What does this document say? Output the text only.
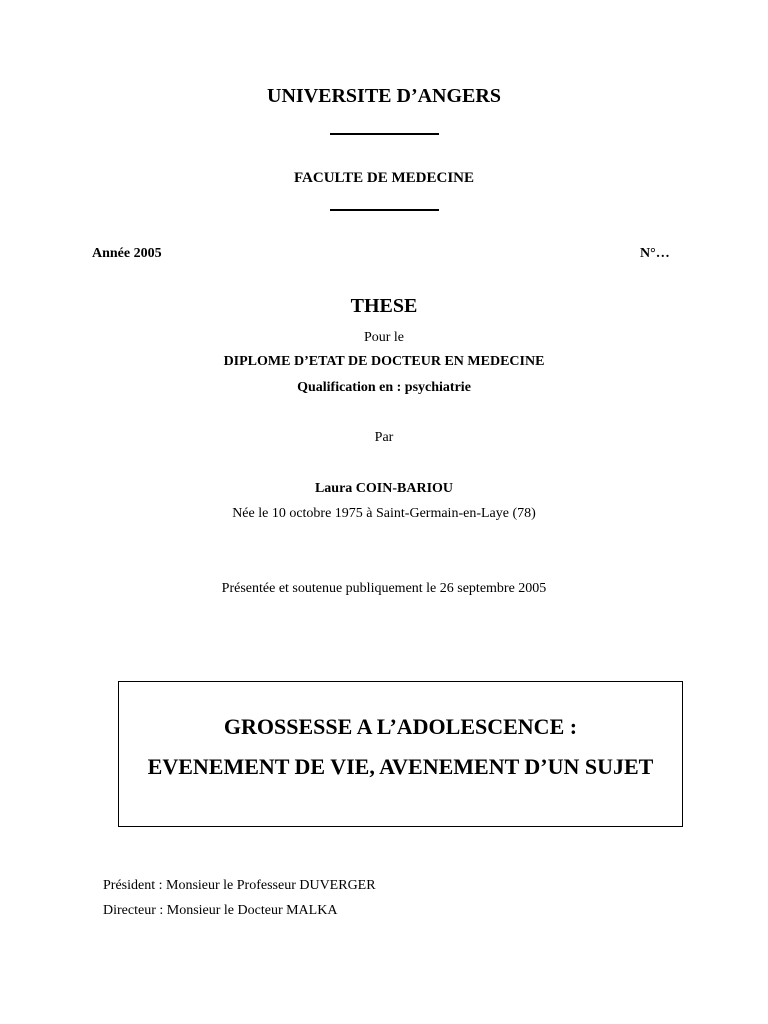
UNIVERSITE D’ANGERS
FACULTE DE MEDECINE
Année 2005	N°…
THESE
Pour le
DIPLOME D’ETAT DE DOCTEUR EN MEDECINE
Qualification en : psychiatrie
Par
Laura COIN-BARIOU
Née le 10 octobre 1975 à Saint-Germain-en-Laye (78)
Présentée et soutenue publiquement le 26 septembre 2005
GROSSESSE A L’ADOLESCENCE :
EVENEMENT DE VIE, AVENEMENT D’UN SUJET
Président : Monsieur le Professeur DUVERGER
Directeur : Monsieur le Docteur MALKA
